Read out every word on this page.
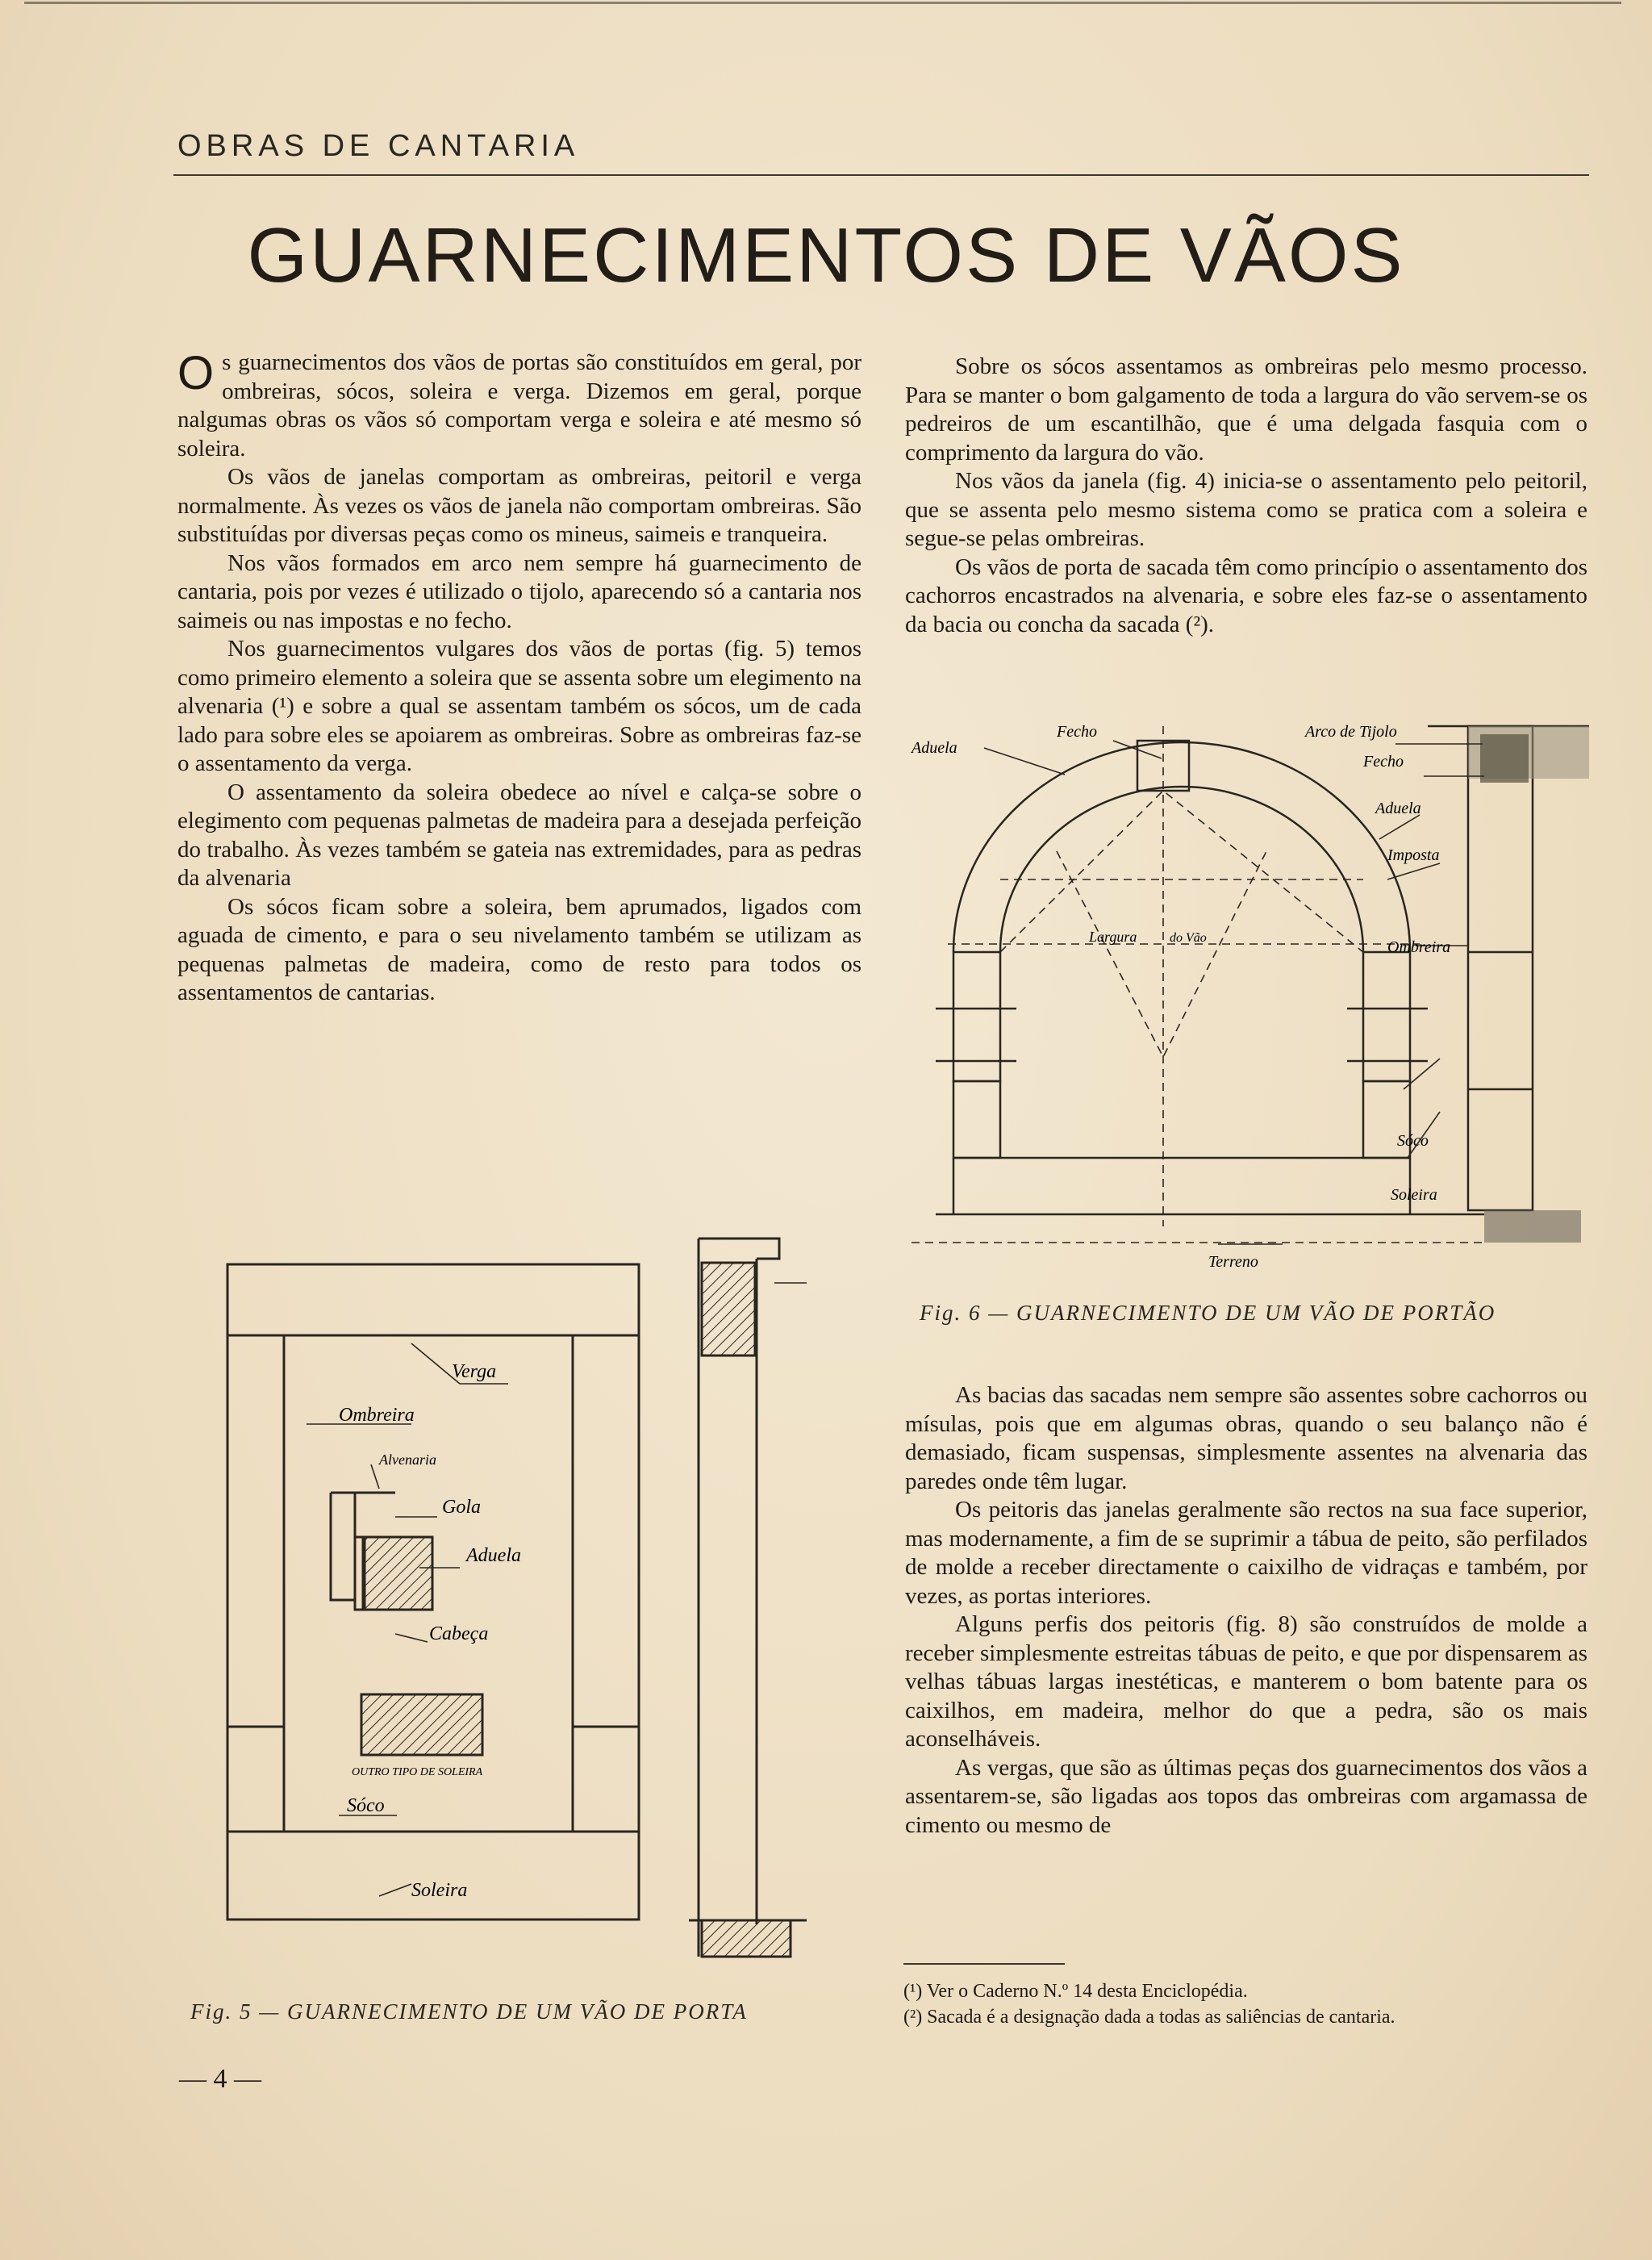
OBRAS DE CANTARIA
GUARNECIMENTOS DE VÃOS

Os guarnecimentos dos vãos de portas são constituídos em geral, por ombreiras, sócos, soleira e verga. Dizemos em geral, porque nalgumas obras os vãos só comportam verga e soleira e até mesmo só soleira.

Os vãos de janelas comportam as ombreiras, peitoril e verga normalmente. Às vezes os vãos de janela não comportam ombreiras. São substituídas por diversas peças como os mineus, saimeis e tranqueira.

Nos vãos formados em arco nem sempre há guarnecimento de cantaria, pois por vezes é utilizado o tijolo, aparecendo só a cantaria nos saimeis ou nas impostas e no fecho.

Nos guarnecimentos vulgares dos vãos de portas (fig. 5) temos como primeiro elemento a soleira que se assenta sobre um elegimento na alvenaria (¹) e sobre a qual se assentam também os sócos, um de cada lado para sobre eles se apoiarem as ombreiras. Sobre as ombreiras faz-se o assentamento da verga.

O assentamento da soleira obedece ao nível e calça-se sobre o elegimento com pequenas palmetas de madeira para a desejada perfeição do trabalho. Às vezes também se gateia nas extremidades, para as pedras da alvenaria

Os sócos ficam sobre a soleira, bem aprumados, ligados com aguada de cimento, e para o seu nivelamento também se utilizam as pequenas palmetas de madeira, como de resto para todos os assentamentos de cantarias.

Sobre os sócos assentamos as ombreiras pelo mesmo processo. Para se manter o bom galgamento de toda a largura do vão servem-se os pedreiros de um escantilhão, que é uma delgada fasquia com o comprimento da largura do vão.

Nos vãos da janela (fig. 4) inicia-se o assentamento pelo peitoril, que se assenta pelo mesmo sistema como se pratica com a soleira e segue-se pelas ombreiras.

Os vãos de porta de sacada têm como princípio o assentamento dos cachorros encastrados na alvenaria, e sobre eles faz-se o assentamento da bacia ou concha da sacada (²).

Aduela
Fecho	Arco de Tijolo
Fecho
Aduela
Imposta
Largura	do Vão
Ombreira
Sóco
Soleira
Terreno
Fig. 6 — GUARNECIMENTO DE UM VÃO DE PORTÃO

As bacias das sacadas nem sempre são assentes sobre cachorros ou mísulas, pois que em algumas obras, quando o seu balanço não é demasiado, ficam suspensas, simplesmente assentes na alvenaria das paredes onde têm lugar.

Os peitoris das janelas geralmente são rectos na sua face superior, mas modernamente, a fim de se suprimir a tábua de peito, são perfilados de molde a receber directamente o caixilho de vidraças e também, por vezes, as portas interiores.

Alguns perfis dos peitoris (fig. 8) são construídos de molde a receber simplesmente estreitas tábuas de peito, e que por dispensarem as velhas tábuas largas inestéticas, e manterem o bom batente para os caixilhos, em madeira, melhor do que a pedra, são os mais aconselháveis.

As vergas, que são as últimas peças dos guarnecimentos dos vãos a assentarem-se, são ligadas aos topos das ombreiras com argamassa de cimento ou mesmo de

Verga
Ombreira
Alvenaria
Gola
Aduela
Cabeça
OUTRO TIPO DE SOLEIRA
Sóco
Soleira
Fig. 5 — GUARNECIMENTO DE UM VÃO DE PORTA
(¹) Ver o Caderno N.º 14 desta Enciclopédia.
(²) Sacada é a designação dada a todas as saliências de cantaria.
— 4 —
